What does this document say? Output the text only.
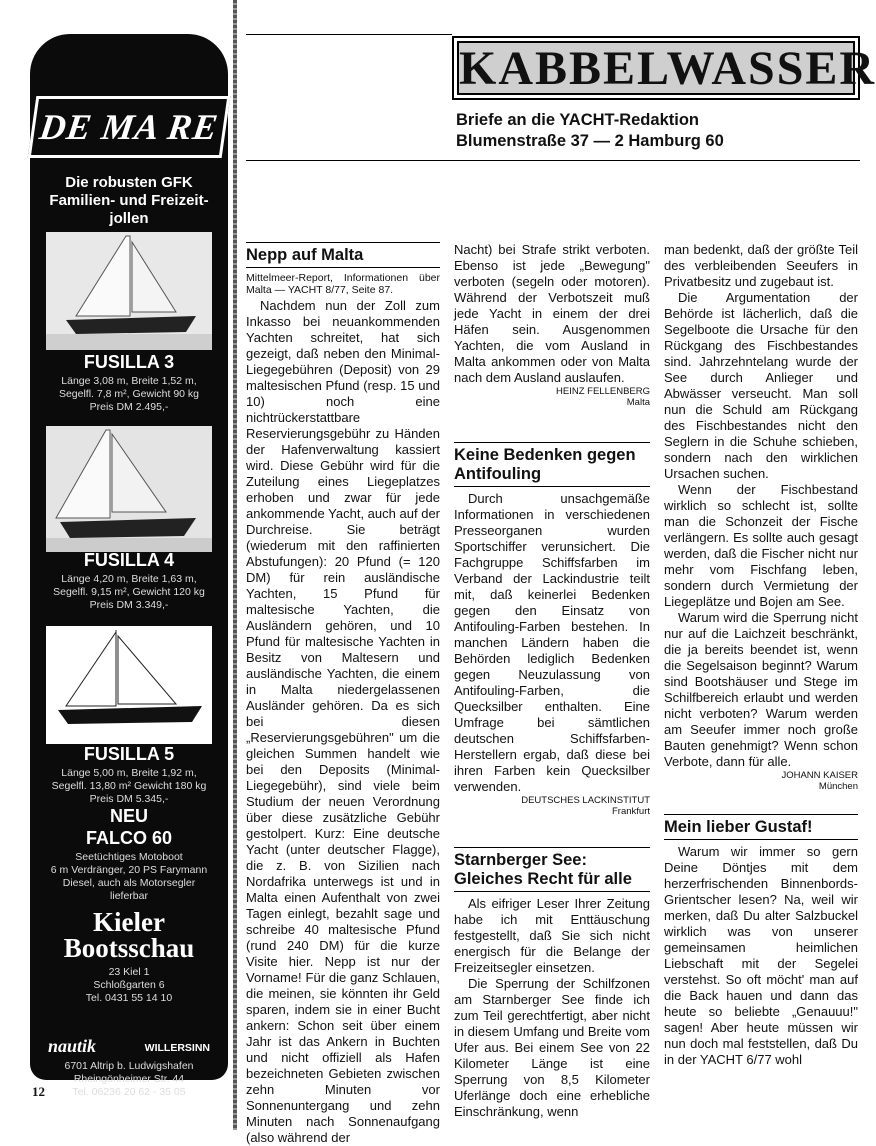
DE MA RE
Die robusten GFK Familien- und Freizeit-jollen
FUSILLA 3
Länge 3,08 m, Breite 1,52 m,
Segelfl. 7,8 m², Gewicht 90 kg
Preis DM 2.495,-
FUSILLA 4
Länge 4,20 m, Breite 1,63 m,
Segelfl. 9,15 m², Gewicht 120 kg
Preis DM 3.349,-
FUSILLA 5
Länge 5,00 m, Breite 1,92 m,
Segelfl. 13,80 m² Gewicht 180 kg
Preis DM 5.345,-
NEU
FALCO 60
Seetüchtiges Motoboot
6 m Verdränger, 20 PS Farymann
Diesel, auch als Motorsegler
lieferbar
Kieler
Bootsschau
23 Kiel 1
Schloßgarten 6
Tel. 0431 55 14 10
nautik	WILLERSINN
6701 Altrip b. Ludwigshafen
Rheingönheimer Str. 44
Tel. 06236 20 62 - 35 05
12
KABBELWASSER
Briefe an die YACHT-Redaktion
Blumenstraße 37 — 2 Hamburg 60
Nepp auf Malta
Mittelmeer-Report, Informationen über Malta — YACHT 8/77, Seite 87.

Nachdem nun der Zoll zum Inkasso bei neuankommenden Yachten schreitet, hat sich gezeigt, daß neben den Minimal-Liegegebühren (Deposit) von 29 maltesischen Pfund (resp. 15 und 10) noch eine nichtrückerstattbare Reservierungsgebühr zu Händen der Hafenverwaltung kassiert wird. Diese Gebühr wird für die Zuteilung eines Liegeplatzes erhoben und zwar für jede ankommende Yacht, auch auf der Durchreise. Sie beträgt (wiederum mit den raffinierten Abstufungen): 20 Pfund (= 120 DM) für rein ausländische Yachten, 15 Pfund für maltesische Yachten, die Ausländern gehören, und 10 Pfund für maltesische Yachten in Besitz von Maltesern und ausländische Yachten, die einem in Malta niedergelassenen Ausländer gehören. Da es sich bei diesen „Reservierungsgebühren" um die gleichen Summen handelt wie bei den Deposits (Minimal-Liegegebühr), sind viele beim Studium der neuen Verordnung über diese zusätzliche Gebühr gestolpert. Kurz: Eine deutsche Yacht (unter deutscher Flagge), die z. B. von Sizilien nach Nordafrika unterwegs ist und in Malta einen Aufenthalt von zwei Tagen einlegt, bezahlt sage und schreibe 40 maltesische Pfund (rund 240 DM) für die kurze Visite hier. Nepp ist nur der Vorname! Für die ganz Schlauen, die meinen, sie könnten ihr Geld sparen, indem sie in einer Bucht ankern: Schon seit über einem Jahr ist das Ankern in Buchten und nicht offiziell als Hafen bezeichneten Gebieten zwischen zehn Minuten vor Sonnenuntergang und zehn Minuten nach Sonnenaufgang (also während der

Nacht) bei Strafe strikt verboten. Ebenso ist jede „Bewegung" verboten (segeln oder motoren). Während der Verbotszeit muß jede Yacht in einem der drei Häfen sein. Ausgenommen Yachten, die vom Ausland in Malta ankommen oder von Malta nach dem Ausland auslaufen.

HEINZ FELLENBERG
Malta
Keine Bedenken gegen Antifouling

Durch unsachgemäße Informationen in verschiedenen Presseorganen wurden Sportschiffer verunsichert. Die Fachgruppe Schiffsfarben im Verband der Lackindustrie teilt mit, daß keinerlei Bedenken gegen den Einsatz von Antifouling-Farben bestehen. In manchen Ländern haben die Behörden lediglich Bedenken gegen Neuzulassung von Antifouling-Farben, die Quecksilber enthalten. Eine Umfrage bei sämtlichen deutschen Schiffsfarben-Herstellern ergab, daß diese bei ihren Farben kein Quecksilber verwenden.

DEUTSCHES LACKINSTITUT
Frankfurt
Starnberger See: Gleiches Recht für alle

Als eifriger Leser Ihrer Zeitung habe ich mit Enttäuschung festgestellt, daß Sie sich nicht energisch für die Belange der Freizeitsegler einsetzen.

Die Sperrung der Schilfzonen am Starnberger See finde ich zum Teil gerechtfertigt, aber nicht in diesem Umfang und Breite vom Ufer aus. Bei einem See von 22 Kilometer Länge ist eine Sperrung von 8,5 Kilometer Uferlänge doch eine erhebliche Einschränkung, wenn

man bedenkt, daß der größte Teil des verbleibenden Seeufers in Privatbesitz und zugebaut ist.

Die Argumentation der Behörde ist lächerlich, daß die Segelboote die Ursache für den Rückgang des Fischbestandes sind. Jahrzehntelang wurde der See durch Anlieger und Abwässer verseucht. Man soll nun die Schuld am Rückgang des Fischbestandes nicht den Seglern in die Schuhe schieben, sondern nach den wirklichen Ursachen suchen.

Wenn der Fischbestand wirklich so schlecht ist, sollte man die Schonzeit der Fische verlängern. Es sollte auch gesagt werden, daß die Fischer nicht nur mehr vom Fischfang leben, sondern durch Vermietung der Liegeplätze und Bojen am See.

Warum wird die Sperrung nicht nur auf die Laichzeit beschränkt, die ja bereits beendet ist, wenn die Segelsaison beginnt? Warum sind Bootshäuser und Stege im Schilfbereich erlaubt und werden nicht verboten? Warum werden am Seeufer immer noch große Bauten genehmigt? Wenn schon Verbote, dann für alle.

JOHANN KAISER
München
Mein lieber Gustaf!

Warum wir immer so gern Deine Döntjes mit dem herzerfrischenden Binnenbords-Grientscher lesen? Na, weil wir merken, daß Du alter Salzbuckel wirklich was von unserer gemeinsamen heimlichen Liebschaft mit der Segelei verstehst. So oft möcht' man auf die Back hauen und dann das heute so beliebte „Genauuu!" sagen! Aber heute müssen wir nun doch mal feststellen, daß Du in der YACHT 6/77 wohl
